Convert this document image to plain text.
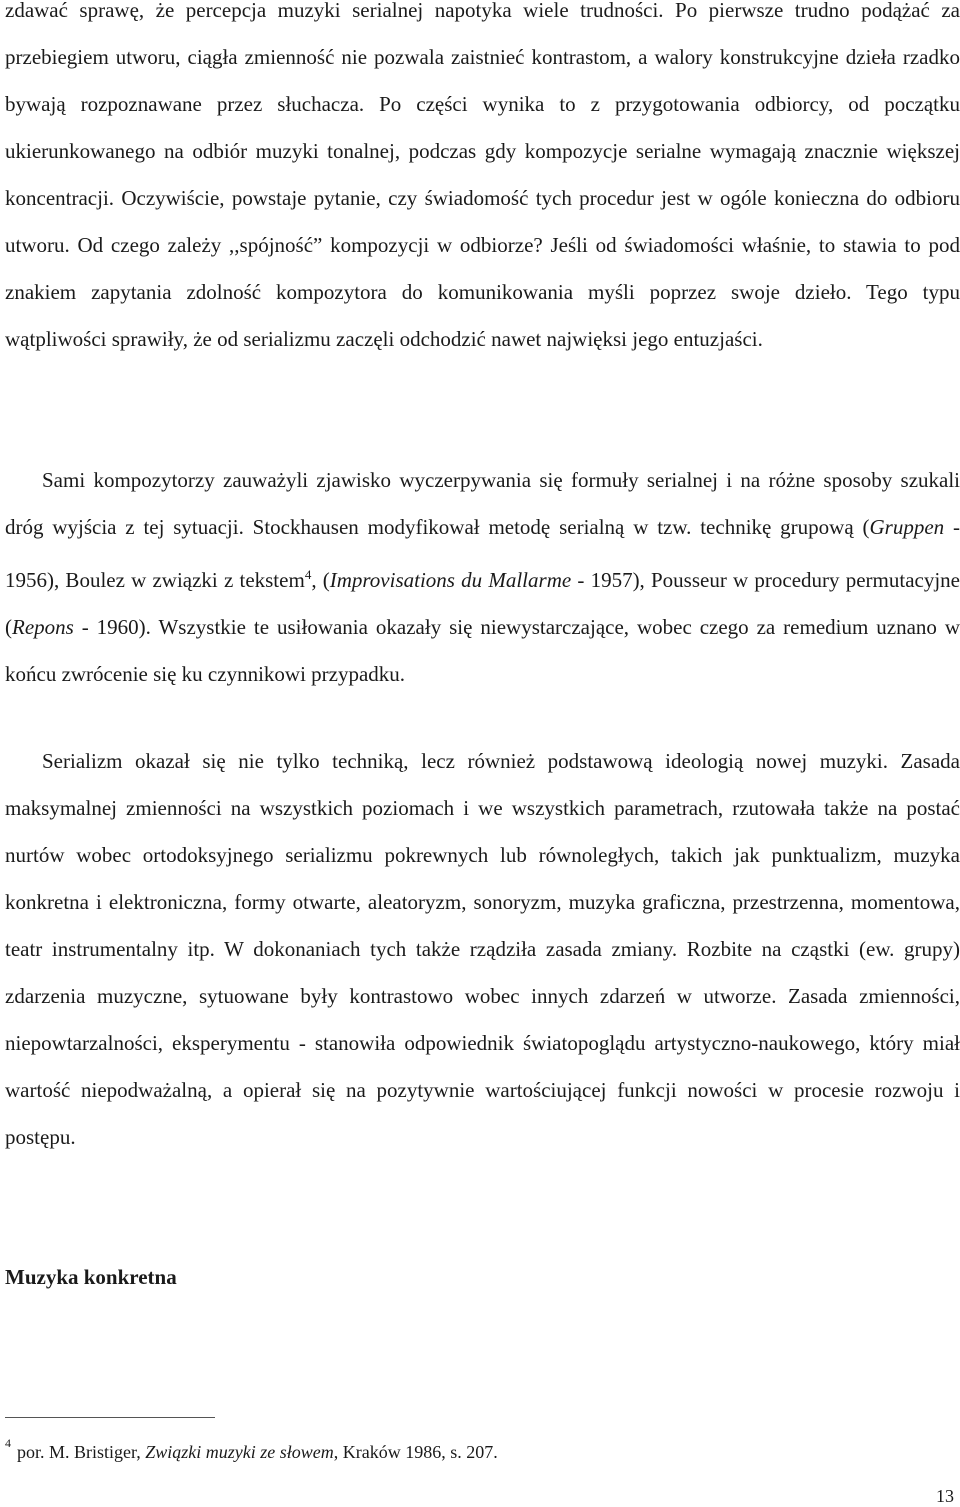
zdawać sprawę, że percepcja muzyki serialnej napotyka wiele trudności. Po pierwsze trudno podążać za przebiegiem utworu, ciągła zmienność nie pozwala zaistnieć kontrastom, a walory konstrukcyjne dzieła rzadko bywają rozpoznawane przez słuchacza. Po części wynika to z przygotowania odbiorcy, od początku ukierunkowanego na odbiór muzyki tonalnej, podczas gdy kompozycje serialne wymagają znacznie większej koncentracji. Oczywiście, powstaje pytanie, czy świadomość tych procedur jest w ogóle konieczna do odbioru utworu. Od czego zależy ,,spójność” kompozycji w odbiorze? Jeśli od świadomości właśnie, to stawia to pod znakiem zapytania zdolność kompozytora do komunikowania myśli poprzez swoje dzieło. Tego typu wątpliwości sprawiły, że od serializmu zaczęli odchodzić nawet najwięksi jego entuzjaści.

Sami kompozytorzy zauważyli zjawisko wyczerpywania się formuły serialnej i na różne sposoby szukali dróg wyjścia z tej sytuacji. Stockhausen modyfikował metodę serialną w tzw. technikę grupową (Gruppen - 1956), Boulez w związki z tekstem$^4$, (Improvisations du Mallarme - 1957), Pousseur w procedury permutacyjne (Repons - 1960). Wszystkie te usiłowania okazały się niewystarczające, wobec czego za remedium uznano w końcu zwrócenie się ku czynnikowi przypadku.

Serializm okazał się nie tylko techniką, lecz również podstawową ideologią nowej muzyki. Zasada maksymalnej zmienności na wszystkich poziomach i we wszystkich parametrach, rzutowała także na postać nurtów wobec ortodoksyjnego serializmu pokrewnych lub równoległych, takich jak punktualizm, muzyka konkretna i elektroniczna, formy otwarte, aleatoryzm, sonoryzm, muzyka graficzna, przestrzenna, momentowa, teatr instrumentalny itp. W dokonaniach tych także rządziła zasada zmiany. Rozbite na cząstki (ew. grupy) zdarzenia muzyczne, sytuowane były kontrastowo wobec innych zdarzeń w utworze. Zasada zmienności, niepowtarzalności, eksperymentu - stanowiła odpowiednik światopoglądu artystyczno-naukowego, który miał wartość niepodważalną, a opierał się na pozytywnie wartościującej funkcji nowości w procesie rozwoju i postępu.

Muzyka konkretna

$^4$ por. M. Bristiger, Związki muzyki ze słowem, Kraków 1986, s. 207.

13
